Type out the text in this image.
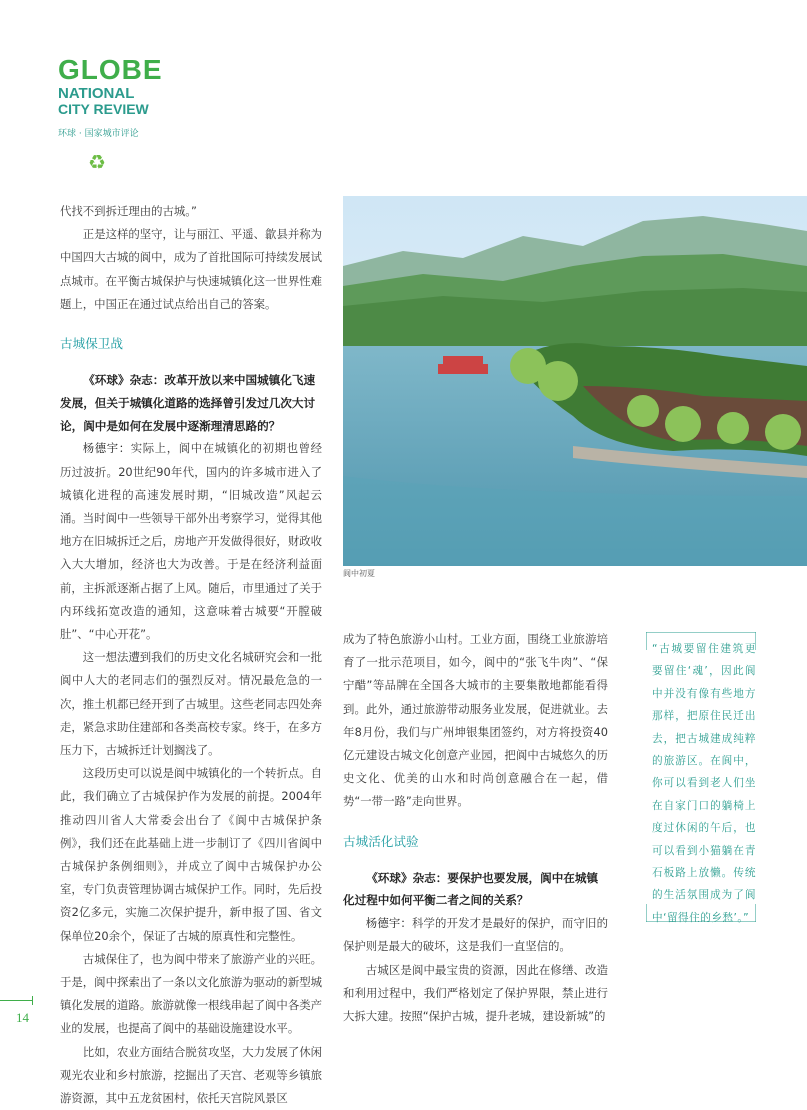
GLOBE
NATIONAL
CITY REVIEW
环球 · 国家城市评论
♻

代找不到拆迁理由的古城。”

正是这样的坚守，让与丽江、平遥、歙县并称为中国四大古城的阆中，成为了首批国际可持续发展试点城市。在平衡古城保护与快速城镇化这一世界性难题上，中国正在通过试点给出自己的答案。

古城保卫战

《环球》杂志：改革开放以来中国城镇化飞速发展，但关于城镇化道路的选择曾引发过几次大讨论，阆中是如何在发展中逐渐理清思路的？

杨德宇：实际上，阆中在城镇化的初期也曾经历过波折。20世纪90年代，国内的许多城市进入了城镇化进程的高速发展时期，“旧城改造”风起云涌。当时阆中一些领导干部外出考察学习，觉得其他地方在旧城拆迁之后，房地产开发做得很好，财政收入大大增加，经济也大为改善。于是在经济利益面前，主拆派逐渐占据了上风。随后，市里通过了关于内环线拓宽改造的通知，这意味着古城要“开膛破肚”、“中心开花”。

这一想法遭到我们的历史文化名城研究会和一批阆中人大的老同志们的强烈反对。情况最危急的一次，推土机都已经开到了古城里。这些老同志四处奔走，紧急求助住建部和各类高校专家。终于，在多方压力下，古城拆迁计划搁浅了。

这段历史可以说是阆中城镇化的一个转折点。自此，我们确立了古城保护作为发展的前提。2004年推动四川省人大常委会出台了《阆中古城保护条例》，我们还在此基础上进一步制订了《四川省阆中古城保护条例细则》，并成立了阆中古城保护办公室，专门负责管理协调古城保护工作。同时，先后投资2亿多元，实施二次保护提升，新申报了国、省文保单位20余个，保证了古城的原真性和完整性。

古城保住了，也为阆中带来了旅游产业的兴旺。于是，阆中探索出了一条以文化旅游为驱动的新型城镇化发展的道路。旅游就像一根线串起了阆中各类产业的发展，也提高了阆中的基础设施建设水平。

比如，农业方面结合脱贫攻坚，大力发展了休闲观光农业和乡村旅游，挖掘出了天宫、老观等乡镇旅游资源，其中五龙贫困村，依托天宫院风景区

阆中初夏

成为了特色旅游小山村。工业方面，围绕工业旅游培育了一批示范项目，如今，阆中的“张飞牛肉”、“保宁醋”等品牌在全国各大城市的主要集散地都能看得到。此外，通过旅游带动服务业发展，促进就业。去年8月份，我们与广州坤银集团签约，对方将投资40亿元建设古城文化创意产业园，把阆中古城悠久的历史文化、优美的山水和时尚创意融合在一起，借势“一带一路”走向世界。

古城活化试验

《环球》杂志：要保护也要发展，阆中在城镇化过程中如何平衡二者之间的关系？

杨德宇：科学的开发才是最好的保护，而守旧的保护则是最大的破坏，这是我们一直坚信的。

古城区是阆中最宝贵的资源，因此在修缮、改造和利用过程中，我们严格划定了保护界限，禁止进行大拆大建。按照“保护古城，提升老城，建设新城”的

“古城要留住建筑更要留住‘魂’，因此阆中并没有像有些地方那样，把原住民迁出去，把古城建成纯粹的旅游区。在阆中，你可以看到老人们坐在自家门口的躺椅上度过休闲的午后，也可以看到小猫躺在青石板路上放懒。传统的生活氛围成为了阆中‘留得住的乡愁’。”
14
